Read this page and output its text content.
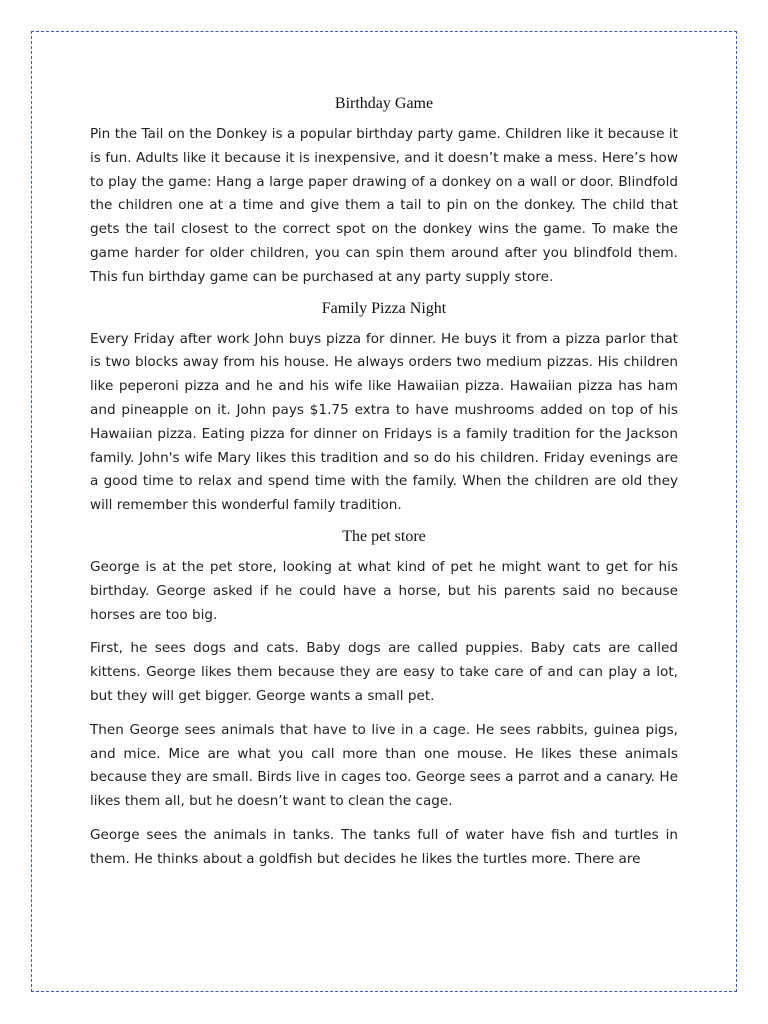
Birthday Game

Pin the Tail on the Donkey is a popular birthday party game. Children like it because it is fun. Adults like it because it is inexpensive, and it doesn’t make a mess. Here’s how to play the game: Hang a large paper drawing of a donkey on a wall or door. Blindfold the children one at a time and give them a tail to pin on the donkey. The child that gets the tail closest to the correct spot on the donkey wins the game. To make the game harder for older children, you can spin them around after you blindfold them. This fun birthday game can be purchased at any party supply store.

Family Pizza Night

Every Friday after work John buys pizza for dinner. He buys it from a pizza parlor that is two blocks away from his house. He always orders two medium pizzas. His children like peperoni pizza and he and his wife like Hawaiian pizza. Hawaiian pizza has ham and pineapple on it. John pays $1.75 extra to have mushrooms added on top of his Hawaiian pizza. Eating pizza for dinner on Fridays is a family tradition for the Jackson family. John's wife Mary likes this tradition and so do his children. Friday evenings are a good time to relax and spend time with the family. When the children are old they will remember this wonderful family tradition.

The pet store

George is at the pet store, looking at what kind of pet he might want to get for his birthday. George asked if he could have a horse, but his parents said no because horses are too big.

First, he sees dogs and cats. Baby dogs are called puppies. Baby cats are called kittens. George likes them because they are easy to take care of and can play a lot, but they will get bigger. George wants a small pet.

Then George sees animals that have to live in a cage. He sees rabbits, guinea pigs, and mice. Mice are what you call more than one mouse. He likes these animals because they are small. Birds live in cages too. George sees a parrot and a canary. He likes them all, but he doesn’t want to clean the cage.

George sees the animals in tanks. The tanks full of water have fish and turtles in them. He thinks about a goldfish but decides he likes the turtles more. There are
